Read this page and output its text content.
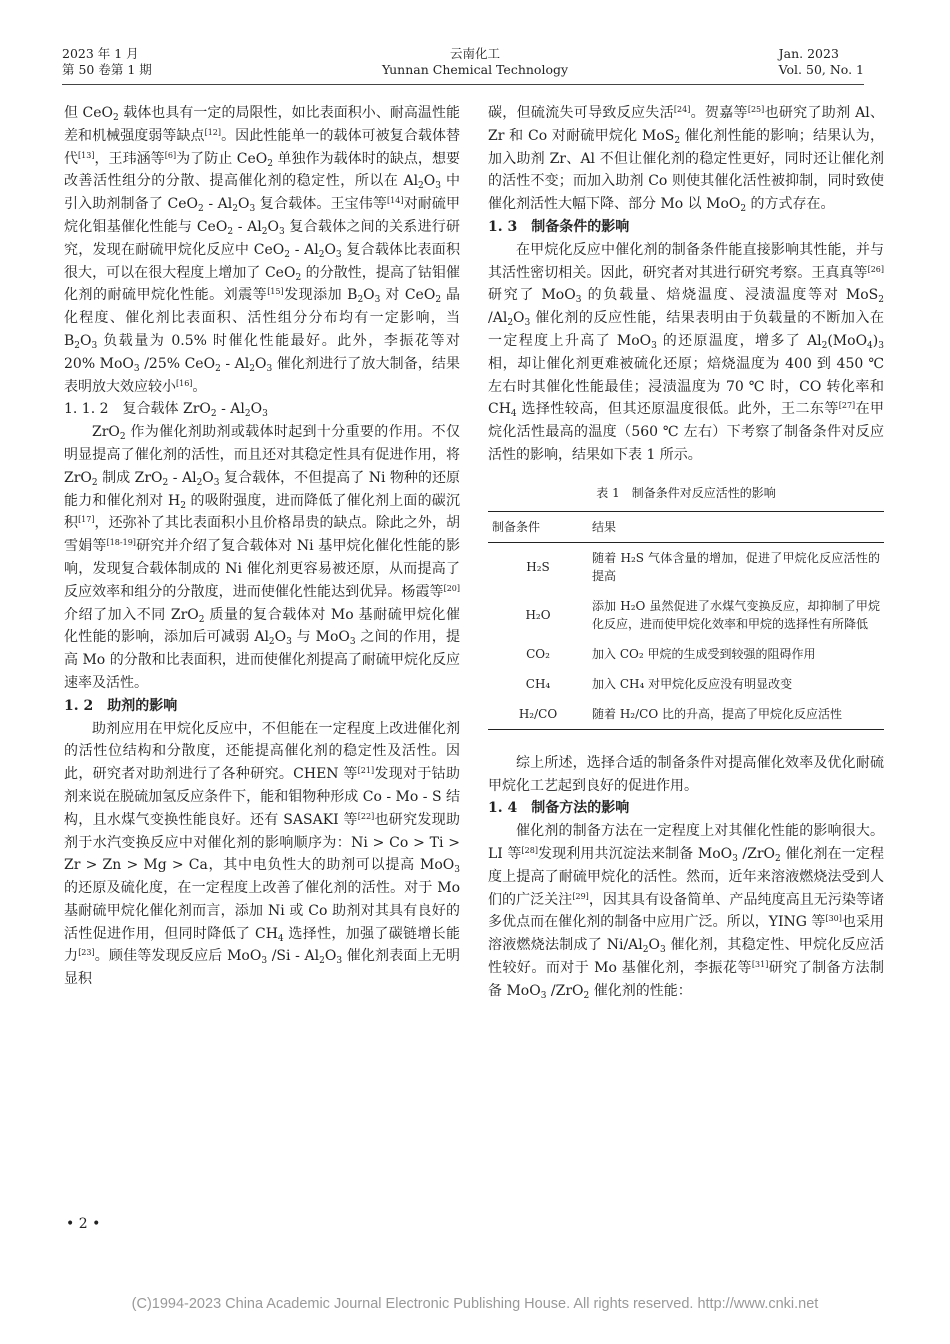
2023 年 1 月
第 50 卷第 1 期
云南化工
Yunnan Chemical Technology
Jan. 2023
Vol. 50, No. 1

但 CeO$_2$ 载体也具有一定的局限性，如比表面积小、耐高温性能差和机械强度弱等缺点[12]。因此性能单一的载体可被复合载体替代[13]，王玮涵等[6]为了防止 CeO$_2$ 单独作为载体时的缺点，想要改善活性组分的分散、提高催化剂的稳定性，所以在 $Al_2O_3$ 中引入助剂制备了 $CeO_2 - Al_2O_3$ 复合载体。王宝伟等[14]对耐硫甲烷化钼基催化性能与 $CeO_2 - Al_2O_3$ 复合载体之间的关系进行研究，发现在耐硫甲烷化反应中 $CeO_2 - Al_2O_3$ 复合载体比表面积很大，可以在很大程度上增加了 CeO$_2$ 的分散性，提高了钴钼催化剂的耐硫甲烷化性能。刘震等[15]发现添加 $B_2O_3$ 对 CeO$_2$ 晶化程度、催化剂比表面积、活性组分分布均有一定影响，当 $B_2O_3$ 负载量为 0.5% 时催化性能最好。此外，李振花等对 20% MoO$_3$ /25% $CeO_2 - Al_2O_3$ 催化剂进行了放大制备，结果表明放大效应较小[16]。

1. 1. 2　 复合载体 $ZrO_2 - Al_2O_3$

ZrO$_2$ 作为催化剂助剂或载体时起到十分重要的作用。不仅明显提高了催化剂的活性，而且还对其稳定性具有促进作用，将 ZrO$_2$ 制成 $ZrO_2 - Al_2O_3$ 复合载体，不但提高了 Ni 物种的还原能力和催化剂对 $H_2$ 的吸附强度，进而降低了催化剂上面的碳沉积[17]，还弥补了其比表面积小且价格昂贵的缺点。除此之外，胡雪娟等[18-19]研究并介绍了复合载体对 Ni 基甲烷化催化性能的影响，发现复合载体制成的 Ni 催化剂更容易被还原，从而提高了反应效率和组分的分散度，进而使催化性能达到优异。杨霞等[20]介绍了加入不同 ZrO$_2$ 质量的复合载体对 Mo 基耐硫甲烷化催化性能的影响，添加后可减弱 $Al_2O_3$ 与 MoO$_3$ 之间的作用，提高 Mo 的分散和比表面积，进而使催化剂提高了耐硫甲烷化反应速率及活性。

1. 2　 助剂的影响

助剂应用在甲烷化反应中，不但能在一定程度上改进催化剂的活性位结构和分散度，还能提高催化剂的稳定性及活性。因此，研究者对助剂进行了各种研究。CHEN 等[21]发现对于钴助剂来说在脱硫加氢反应条件下，能和钼物种形成 Co - Mo - S 结构，且水煤气变换性能良好。还有 SASAKI 等[22]也研究发现助剂于水汽变换反应中对催化剂的影响顺序为：Ni > Co > Ti > Zr > Zn > Mg > Ca，其中电负性大的助剂可以提高 MoO$_3$ 的还原及硫化度，在一定程度上改善了催化剂的活性。对于 Mo 基耐硫甲烷化催化剂而言，添加 Ni 或 Co 助剂对其具有良好的活性促进作用，但同时降低了 $CH_4$ 选择性，加强了碳链增长能力[23]。顾佳等发现反应后 MoO$_3$ $/Si - Al_2O_3$ 催化剂表面上无明显积

碳，但硫流失可导致反应失活[24]。贺嘉等[25]也研究了助剂 Al、Zr 和 Co 对耐硫甲烷化 MoS$_2$ 催化剂性能的影响；结果认为，加入助剂 Zr、Al 不但让催化剂的稳定性更好，同时还让催化剂的活性不变；而加入助剂 Co 则使其催化活性被抑制，同时致使催化剂活性大幅下降、部分 Mo 以 MoO$_2$ 的方式存在。

1. 3　 制备条件的影响

在甲烷化反应中催化剂的制备条件能直接影响其性能，并与其活性密切相关。因此，研究者对其进行研究考察。王真真等[26]研究了 MoO$_3$ 的负载量、焙烧温度、浸渍温度等对 MoS$_2$ $/Al_2O_3$ 催化剂的反应性能，结果表明由于负载量的不断加入在一定程度上升高了 MoO$_3$ 的还原温度，增多了 $Al_2(MoO_4)_3$ 相，却让催化剂更难被硫化还原；焙烧温度为 400 到 450 ℃ 左右时其催化性能最佳；浸渍温度为 70 ℃ 时，CO 转化率和 $CH_4$ 选择性较高，但其还原温度很低。此外，王二东等[27]在甲烷化活性最高的温度（560 ℃ 左右）下考察了制备条件对反应活性的影响，结果如下表 1 所示。

表 1　制备条件对反应活性的影响
制备条件	结果
H₂S	随着 H₂S 气体含量的增加，促进了甲烷化反应活性的提高
H₂O	添加 H₂O 虽然促进了水煤气变换反应，却抑制了甲烷化反应，进而使甲烷化效率和甲烷的选择性有所降低
CO₂	加入 CO₂ 甲烷的生成受到较强的阻碍作用
CH₄	加入 CH₄ 对甲烷化反应没有明显改变
H₂/CO	随着 H₂/CO 比的升高，提高了甲烷化反应活性

综上所述，选择合适的制备条件对提高催化效率及优化耐硫甲烷化工艺起到良好的促进作用。

1. 4　 制备方法的影响

催化剂的制备方法在一定程度上对其催化性能的影响很大。LI 等[28]发现利用共沉淀法来制备 MoO$_3$ /ZrO$_2$ 催化剂在一定程度上提高了耐硫甲烷化的活性。然而，近年来溶液燃烧法受到人们的广泛关注[29]，因其具有设备简单、产品纯度高且无污染等诸多优点而在催化剂的制备中应用广泛。所以，YING 等[30]也采用溶液燃烧法制成了 $Ni/Al_2O_3$ 催化剂，其稳定性、甲烷化反应活性较好。而对于 Mo 基催化剂，李振花等[31]研究了制备方法制备 MoO$_3$ /ZrO$_2$ 催化剂的性能：

• 2 •
(C)1994-2023 China Academic Journal Electronic Publishing House. All rights reserved. http://www.cnki.net
